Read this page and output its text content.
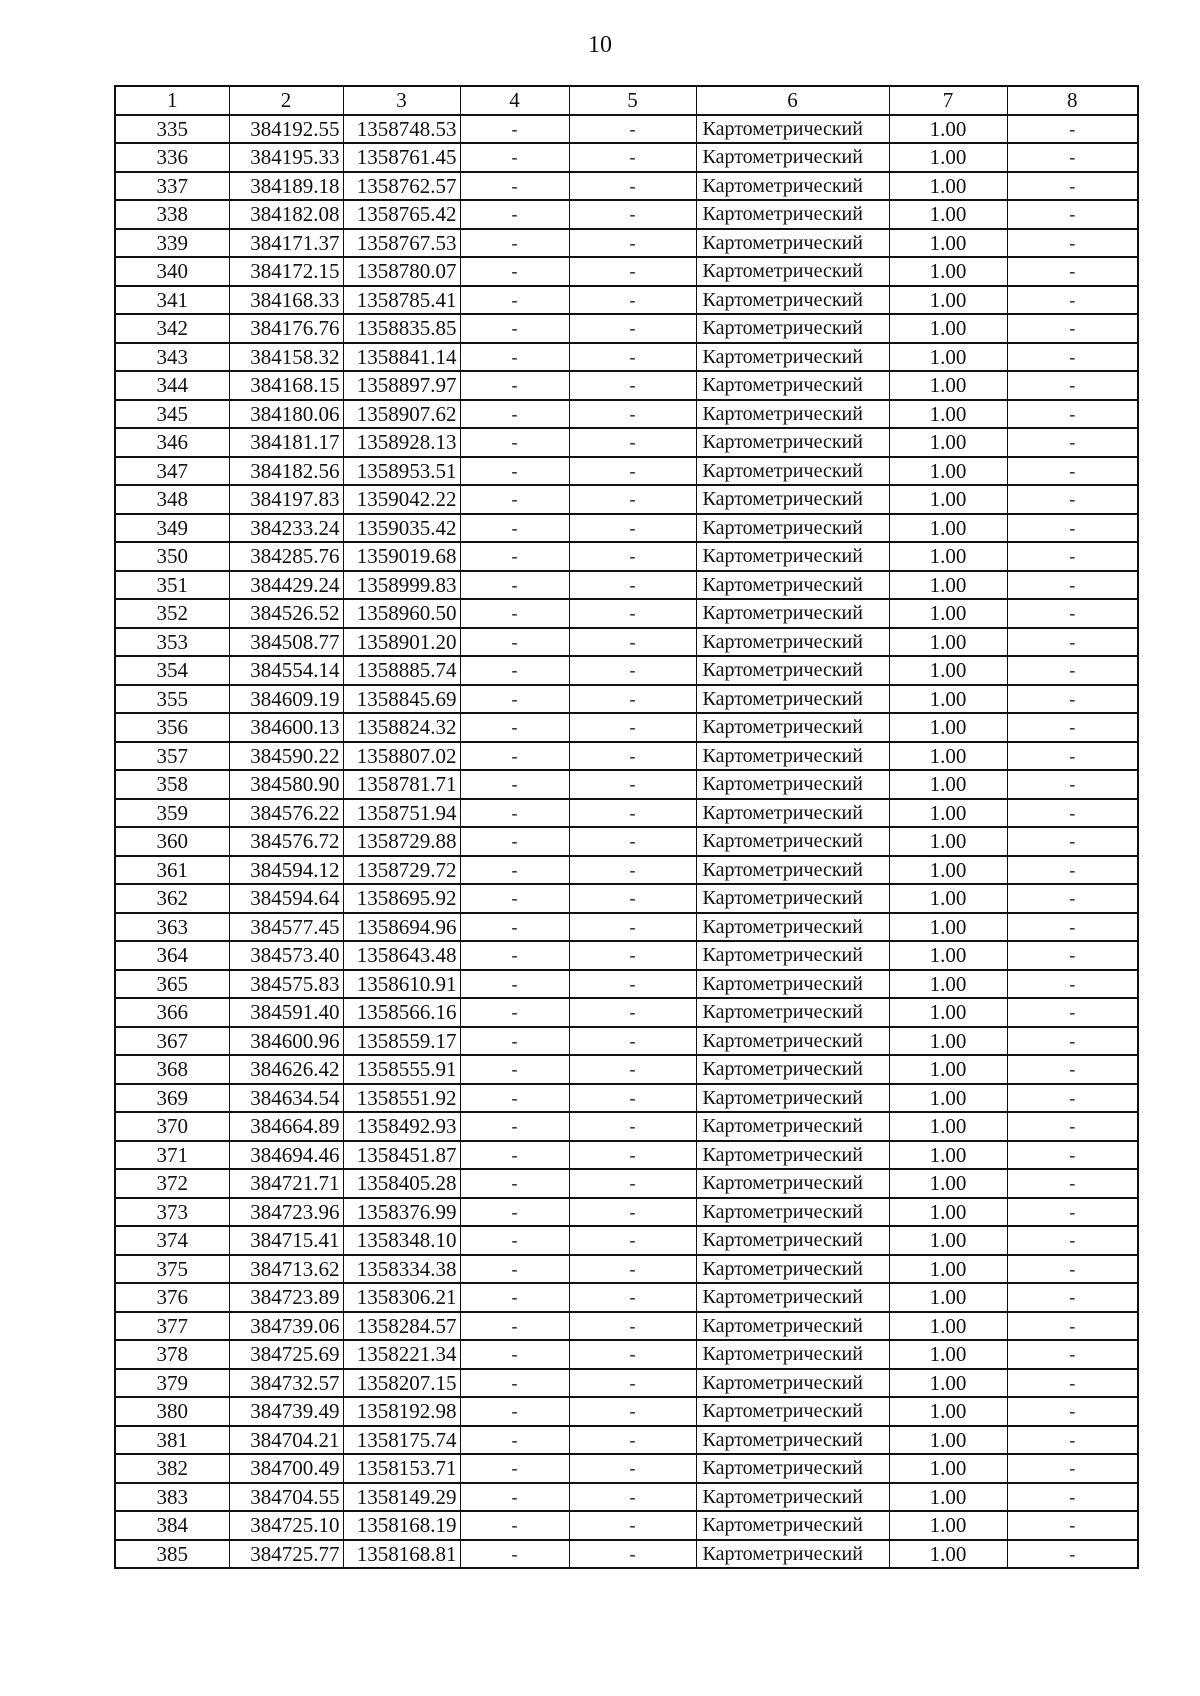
10
1	2	3	4	5	6	7	8
335	384192.55	1358748.53	-	-	Картометрический	1.00	-
336	384195.33	1358761.45	-	-	Картометрический	1.00	-
337	384189.18	1358762.57	-	-	Картометрический	1.00	-
338	384182.08	1358765.42	-	-	Картометрический	1.00	-
339	384171.37	1358767.53	-	-	Картометрический	1.00	-
340	384172.15	1358780.07	-	-	Картометрический	1.00	-
341	384168.33	1358785.41	-	-	Картометрический	1.00	-
342	384176.76	1358835.85	-	-	Картометрический	1.00	-
343	384158.32	1358841.14	-	-	Картометрический	1.00	-
344	384168.15	1358897.97	-	-	Картометрический	1.00	-
345	384180.06	1358907.62	-	-	Картометрический	1.00	-
346	384181.17	1358928.13	-	-	Картометрический	1.00	-
347	384182.56	1358953.51	-	-	Картометрический	1.00	-
348	384197.83	1359042.22	-	-	Картометрический	1.00	-
349	384233.24	1359035.42	-	-	Картометрический	1.00	-
350	384285.76	1359019.68	-	-	Картометрический	1.00	-
351	384429.24	1358999.83	-	-	Картометрический	1.00	-
352	384526.52	1358960.50	-	-	Картометрический	1.00	-
353	384508.77	1358901.20	-	-	Картометрический	1.00	-
354	384554.14	1358885.74	-	-	Картометрический	1.00	-
355	384609.19	1358845.69	-	-	Картометрический	1.00	-
356	384600.13	1358824.32	-	-	Картометрический	1.00	-
357	384590.22	1358807.02	-	-	Картометрический	1.00	-
358	384580.90	1358781.71	-	-	Картометрический	1.00	-
359	384576.22	1358751.94	-	-	Картометрический	1.00	-
360	384576.72	1358729.88	-	-	Картометрический	1.00	-
361	384594.12	1358729.72	-	-	Картометрический	1.00	-
362	384594.64	1358695.92	-	-	Картометрический	1.00	-
363	384577.45	1358694.96	-	-	Картометрический	1.00	-
364	384573.40	1358643.48	-	-	Картометрический	1.00	-
365	384575.83	1358610.91	-	-	Картометрический	1.00	-
366	384591.40	1358566.16	-	-	Картометрический	1.00	-
367	384600.96	1358559.17	-	-	Картометрический	1.00	-
368	384626.42	1358555.91	-	-	Картометрический	1.00	-
369	384634.54	1358551.92	-	-	Картометрический	1.00	-
370	384664.89	1358492.93	-	-	Картометрический	1.00	-
371	384694.46	1358451.87	-	-	Картометрический	1.00	-
372	384721.71	1358405.28	-	-	Картометрический	1.00	-
373	384723.96	1358376.99	-	-	Картометрический	1.00	-
374	384715.41	1358348.10	-	-	Картометрический	1.00	-
375	384713.62	1358334.38	-	-	Картометрический	1.00	-
376	384723.89	1358306.21	-	-	Картометрический	1.00	-
377	384739.06	1358284.57	-	-	Картометрический	1.00	-
378	384725.69	1358221.34	-	-	Картометрический	1.00	-
379	384732.57	1358207.15	-	-	Картометрический	1.00	-
380	384739.49	1358192.98	-	-	Картометрический	1.00	-
381	384704.21	1358175.74	-	-	Картометрический	1.00	-
382	384700.49	1358153.71	-	-	Картометрический	1.00	-
383	384704.55	1358149.29	-	-	Картометрический	1.00	-
384	384725.10	1358168.19	-	-	Картометрический	1.00	-
385	384725.77	1358168.81	-	-	Картометрический	1.00	-
